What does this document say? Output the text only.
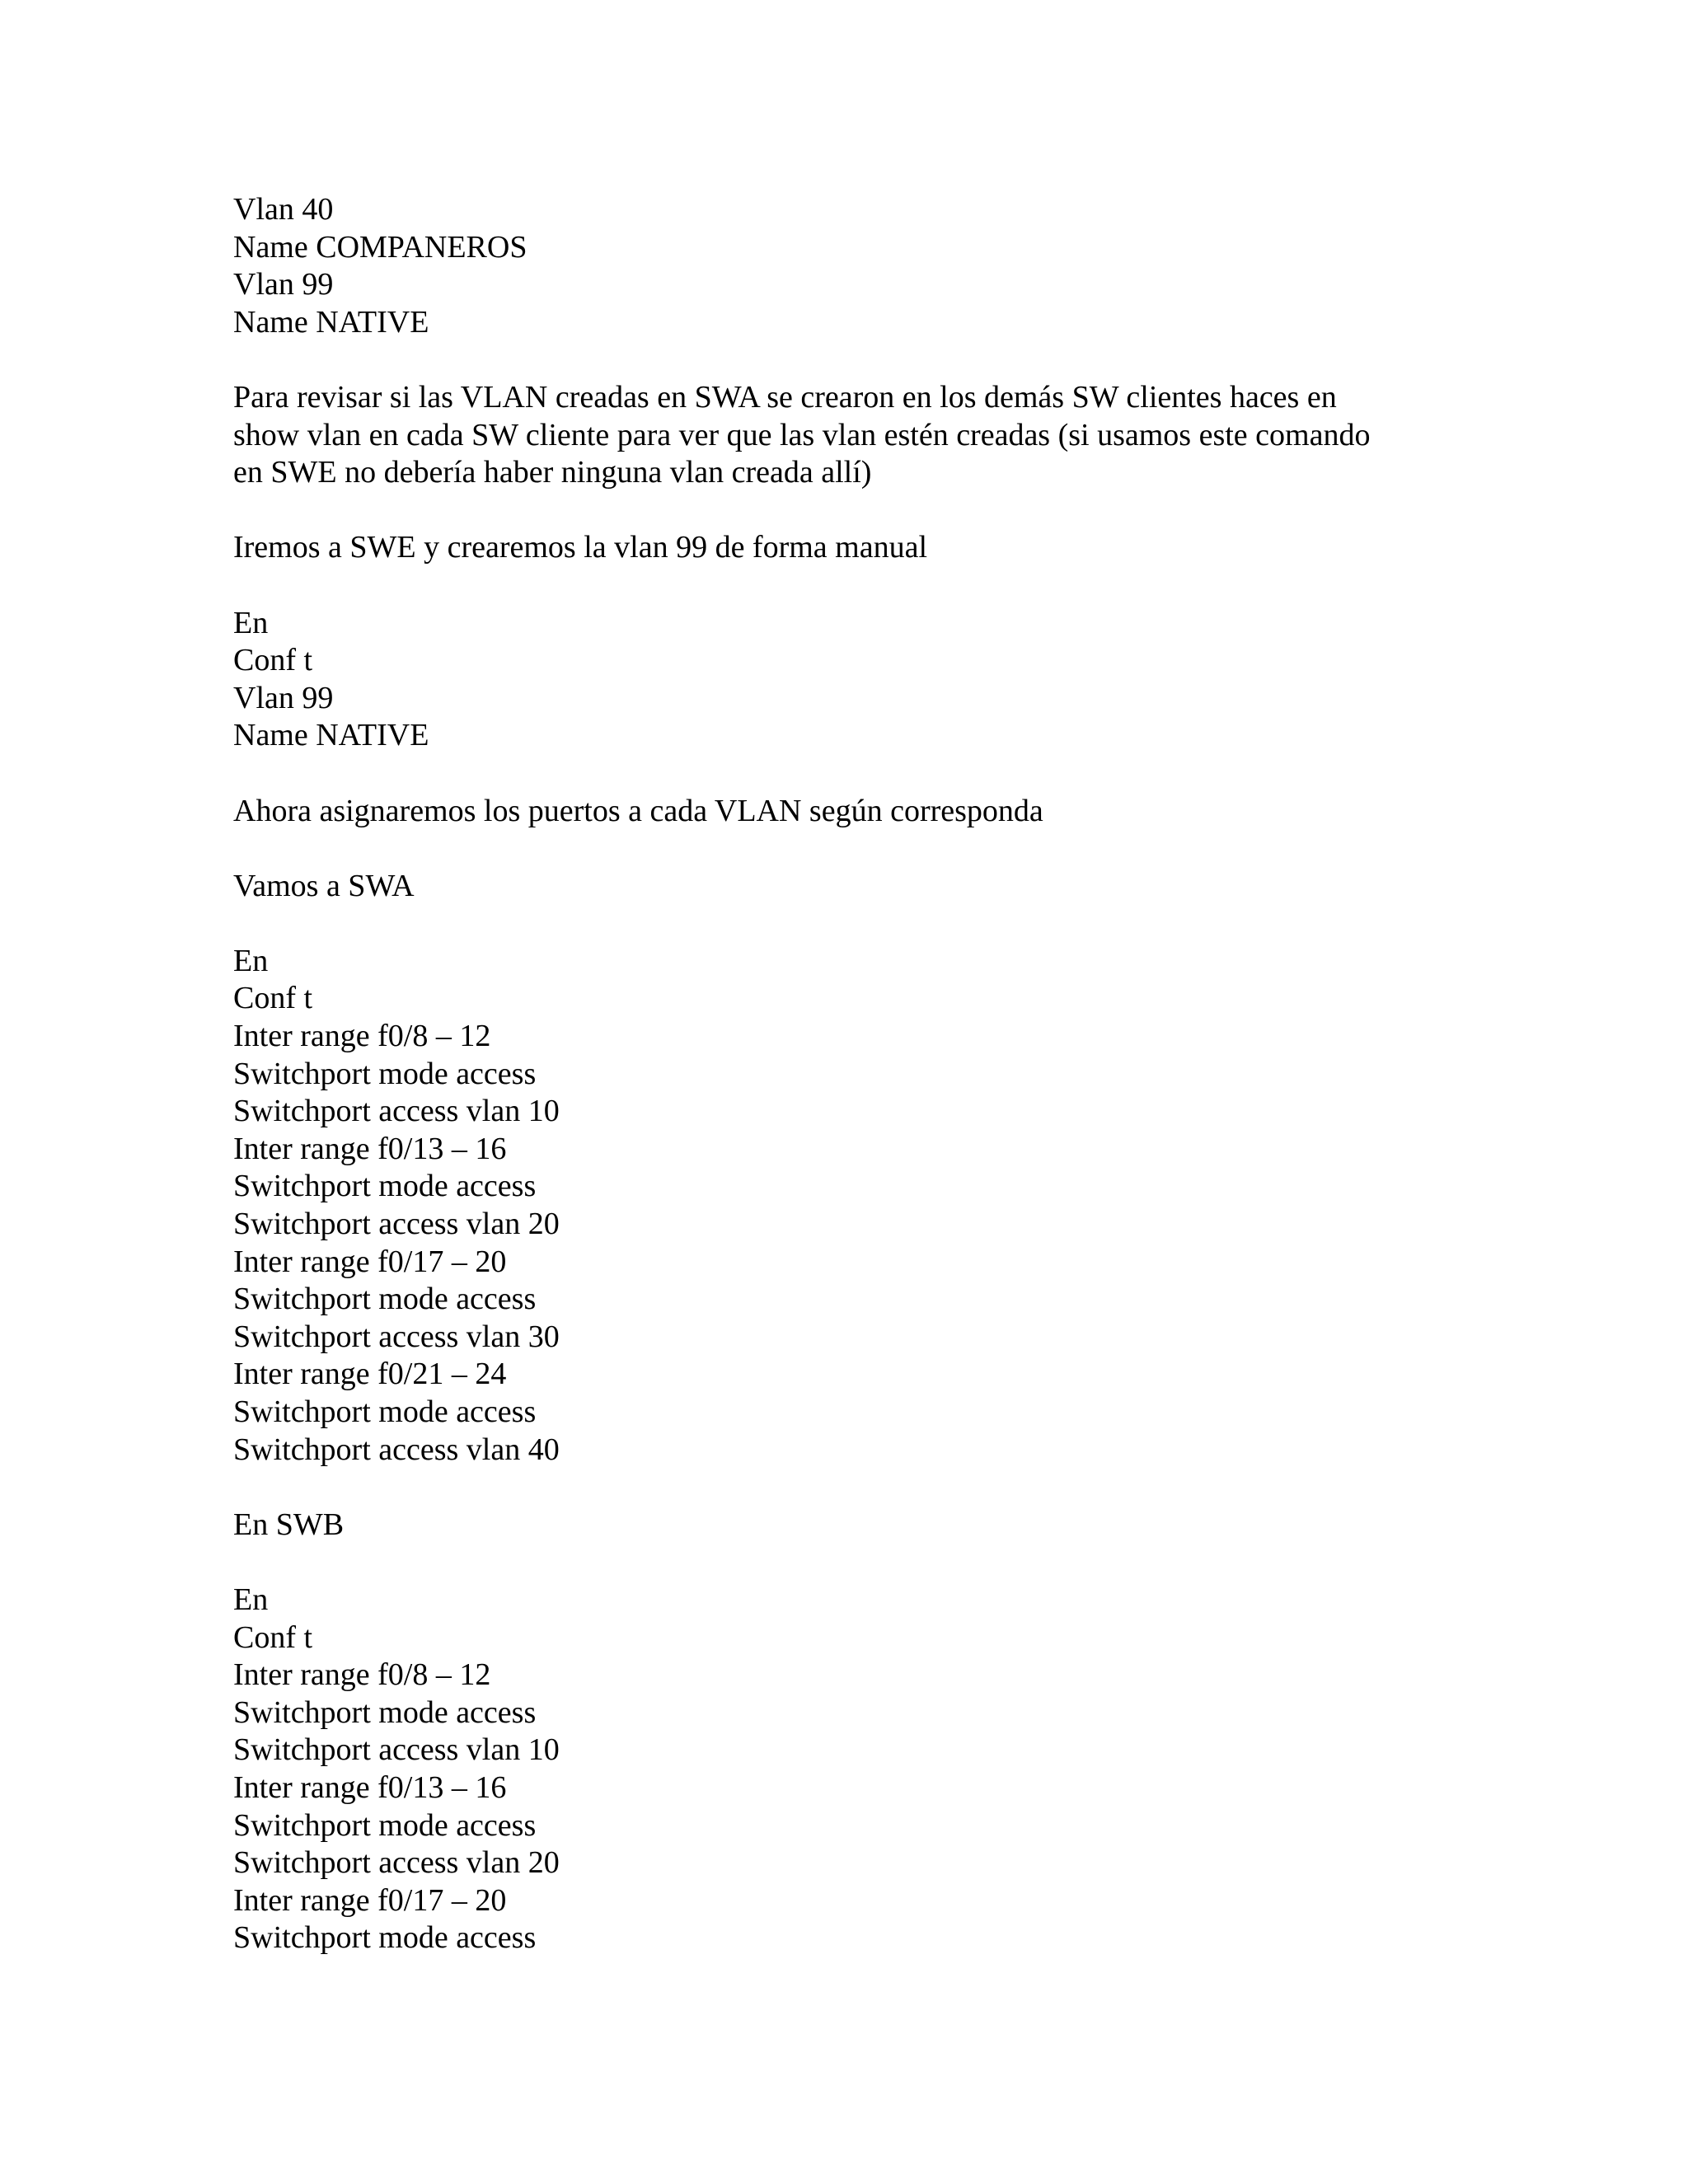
Vlan 40

Name COMPANEROS

Vlan 99

Name NATIVE

Para revisar si las VLAN creadas en SWA se crearon en los demás SW clientes haces en
show vlan en cada SW cliente para ver que las vlan estén creadas (si usamos este comando
en SWE no debería haber ninguna vlan creada allí)

Iremos a SWE y crearemos la vlan 99 de forma manual

En

Conf t

Vlan 99

Name NATIVE

Ahora asignaremos los puertos a cada VLAN según corresponda

Vamos a SWA

En

Conf t

Inter range f0/8 – 12

Switchport mode access

Switchport access vlan 10

Inter range f0/13 – 16

Switchport mode access

Switchport access vlan 20

Inter range f0/17 – 20

Switchport mode access

Switchport access vlan 30

Inter range f0/21 – 24

Switchport mode access

Switchport access vlan 40

En SWB

En

Conf t

Inter range f0/8 – 12

Switchport mode access

Switchport access vlan 10

Inter range f0/13 – 16

Switchport mode access

Switchport access vlan 20

Inter range f0/17 – 20

Switchport mode access
